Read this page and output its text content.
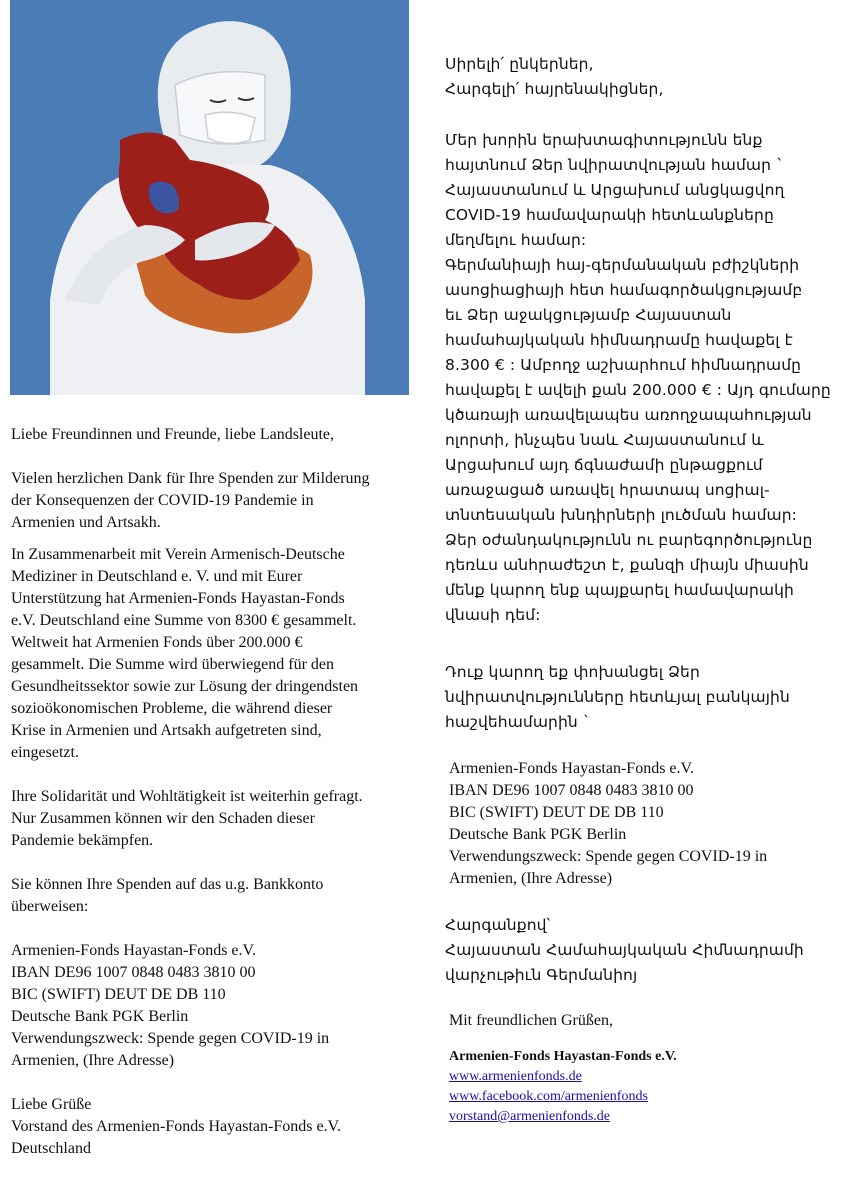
Liebe Freundinnen und Freunde, liebe Landsleute,

Vielen herzlichen Dank für Ihre Spenden zur Milderung
der Konsequenzen der COVID-19 Pandemie in
Armenien und Artsakh.

In Zusammenarbeit mit Verein Armenisch-Deutsche
Mediziner in Deutschland e. V. und mit Eurer
Unterstützung hat Armenien-Fonds Hayastan-Fonds
e.V. Deutschland eine Summe von 8300 € gesammelt.
Weltweit hat Armenien Fonds über 200.000 €
gesammelt. Die Summe wird überwiegend für den
Gesundheitssektor sowie zur Lösung der dringendsten
sozioökonomischen Probleme, die während dieser
Krise in Armenien und Artsakh aufgetreten sind,
eingesetzt.

Ihre Solidarität und Wohltätigkeit ist weiterhin gefragt.
Nur Zusammen können wir den Schaden dieser
Pandemie bekämpfen.

Sie können Ihre Spenden auf das u.g. Bankkonto
überweisen:

Armenien-Fonds Hayastan-Fonds e.V.
IBAN DE96 1007 0848 0483 3810 00
BIC (SWIFT) DEUT DE DB 110
Deutsche Bank PGK Berlin
Verwendungszweck: Spende gegen COVID-19 in
Armenien, (Ihre Adresse)

Liebe Grüße
Vorstand des Armenien-Fonds Hayastan-Fonds e.V.
Deutschland

Սիրելի՛ ընկերներ,
Հարգելի՛ հայրենակիցներ,

Մեր խորին երախտագիտությունն ենք
հայտնում Ձեր նվիրատվության համար `
Հայաստանում և Արցախում անցկացվող
COVID-19 համավարակի հետևանքները
մեղմելու համար:
Գերմանիայի հայ-գերմանական բժիշկների
ասոցիացիայի հետ համագործակցությամբ
եւ Ձեր աջակցությամբ Հայաստան
համահայկական հիմնադրամը հավաքել է
8.300 € : Ամբողջ աշխարհում հիմնադրամը
հավաքել է ավելի քան 200.000 € : Այդ գումարը
կծառայի առավելապես առողջապահության
ոլորտի, ինչպես նաև Հայաստանում և
Արցախում այդ ճգնաժամի ընթացքում
առաջացած առավել հրատապ սոցիալ-
տնտեսական խնդիրների լուծման համար:
Ձեր օժանդակությունն ու բարեգործությունը
դեռևս անհրաժեշտ է, քանզի միայն միասին
մենք կարող ենք պայքարել համավարակի
վնասի դեմ:

Դուք կարող եք փոխանցել Ձեր
նվիրատվությունները հետևյալ բանկային
հաշվեհամարին `

Armenien-Fonds Hayastan-Fonds e.V.
IBAN DE96 1007 0848 0483 3810 00
BIC (SWIFT) DEUT DE DB 110
Deutsche Bank PGK Berlin
Verwendungszweck: Spende gegen COVID-19 in
Armenien, (Ihre Adresse)

Հարգանքով՝
Հայաստան Համահայկական Հիմնադրամի
վարչութիւն Գերմանիոյ

Mit freundlichen Grüßen,

Armenien-Fonds Hayastan-Fonds e.V.
www.armenienfonds.de
www.facebook.com/armenienfonds
vorstand@armenienfonds.de
